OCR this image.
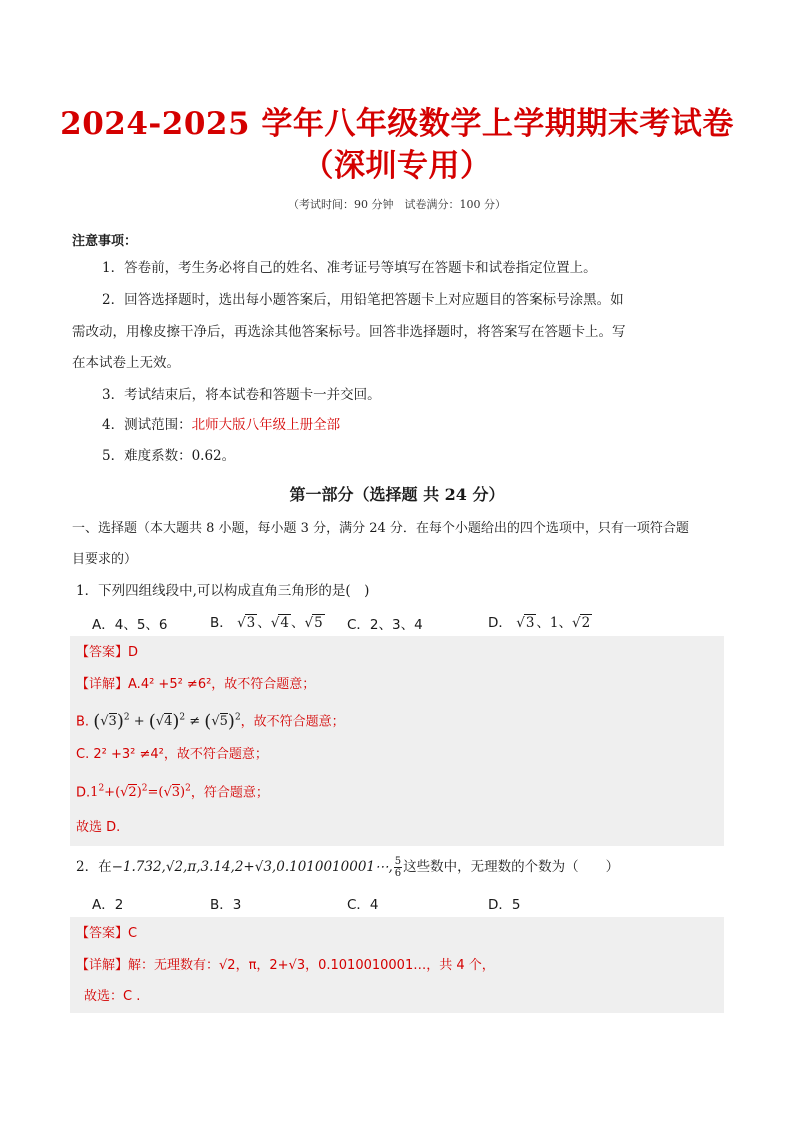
2024-2025 学年八年级数学上学期期末考试卷
（深圳专用）
（考试时间：90 分钟　试卷满分：100 分）
注意事项：
1．答卷前，考生务必将自己的姓名、准考证号等填写在答题卡和试卷指定位置上。
2．回答选择题时，选出每小题答案后，用铅笔把答题卡上对应题目的答案标号涂黑。如
需改动，用橡皮擦干净后，再选涂其他答案标号。回答非选择题时，将答案写在答题卡上。写
在本试卷上无效。
3．考试结束后，将本试卷和答题卡一并交回。
4．测试范围：北师大版八年级上册全部
5．难度系数：0.62。
第一部分（选择题 共 24 分）
一、选择题（本大题共 8 小题，每小题 3 分，满分 24 分．在每个小题给出的四个选项中，只有一项符合题
目要求的）
1．下列四组线段中,可以构成直角三角形的是(　)
A．4、5、6	B． √3 、√4 、√5 C．2、3、4	D． √3 、1、√2
【答案】D
【详解】A.4² +5² ≠6²，故不符合题意；
B. $(√3)^2 + (√4)^2 \ne (√5)^2$，故不符合题意；
C. 2² +3² ≠4²，故不符合题意；
$D.1^2+(√2)^2=(√3)^2$，符合题意；
故选 D.
2．在−1.732,√2,π,3.14,2+√3,0.1010010001⋯, $\frac{5}{6}$ 这些数中，无理数的个数为（　　）
A．2	B．3	C．4	D．5
【答案】C
【详解】解：无理数有：√2，π，2+√3，0.1010010001…，共 4 个，
故选：C .
